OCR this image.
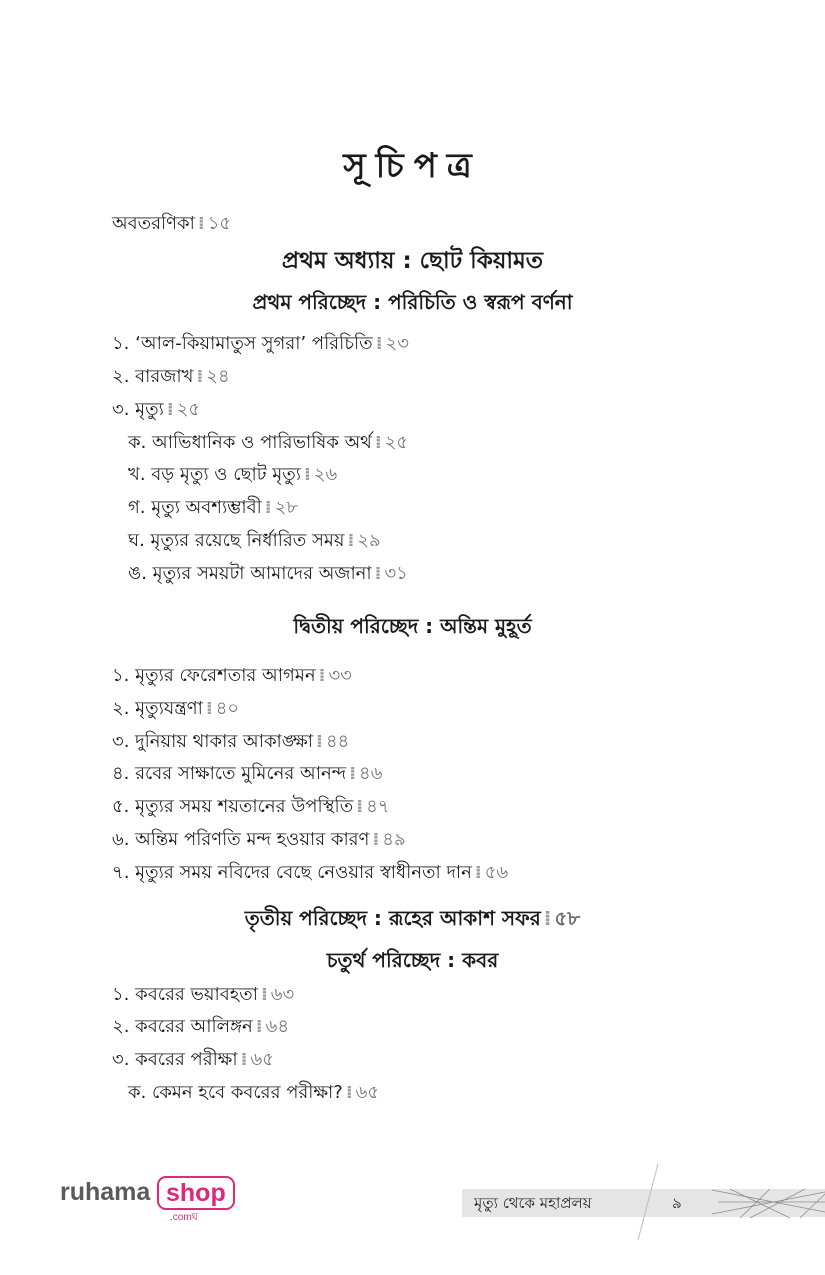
সূচিপত্র
অবতরণিকা ⁞ ১৫
প্রথম অধ্যায় : ছোট কিয়ামত
প্রথম পরিচ্ছেদ : পরিচিতি ও স্বরূপ বর্ণনা
১. ‘আল-কিয়ামাতুস সুগরা’ পরিচিতি ⁞ ২৩
২. বারজাখ ⁞ ২৪
৩. মৃত্যু ⁞ ২৫
ক. আভিধানিক ও পারিভাষিক অর্থ ⁞ ২৫
খ. বড় মৃত্যু ও ছোট মৃত্যু ⁞ ২৬
গ. মৃত্যু অবশ্যম্ভাবী ⁞ ২৮
ঘ. মৃত্যুর রয়েছে নির্ধারিত সময় ⁞ ২৯
ঙ. মৃত্যুর সময়টা আমাদের অজানা ⁞ ৩১
দ্বিতীয় পরিচ্ছেদ : অন্তিম মুহূর্ত
১. মৃত্যুর ফেরেশতার আগমন ⁞ ৩৩
২. মৃত্যুযন্ত্রণা ⁞ ৪০
৩. দুনিয়ায় থাকার আকাঙ্ক্ষা ⁞ ৪৪
৪. রবের সাক্ষাতে মুমিনের আনন্দ ⁞ ৪৬
৫. মৃত্যুর সময় শয়তানের উপস্থিতি ⁞ ৪৭
৬. অন্তিম পরিণতি মন্দ হওয়ার কারণ ⁞ ৪৯
৭. মৃত্যুর সময় নবিদের বেছে নেওয়ার স্বাধীনতা দান ⁞ ৫৬
তৃতীয় পরিচ্ছেদ : রূহের আকাশ সফর ⁞ ৫৮
চতুর্থ পরিচ্ছেদ : কবর
১. কবরের ভয়াবহতা ⁞ ৬৩
২. কবরের আলিঙ্গন ⁞ ৬৪
৩. কবরের পরীক্ষা ⁞ ৬৫
ক. কেমন হবে কবরের পরীক্ষা? ⁞ ৬৫
ruhama shop
.comঘ
মৃত্যু থেকে মহাপ্রলয়	৯
